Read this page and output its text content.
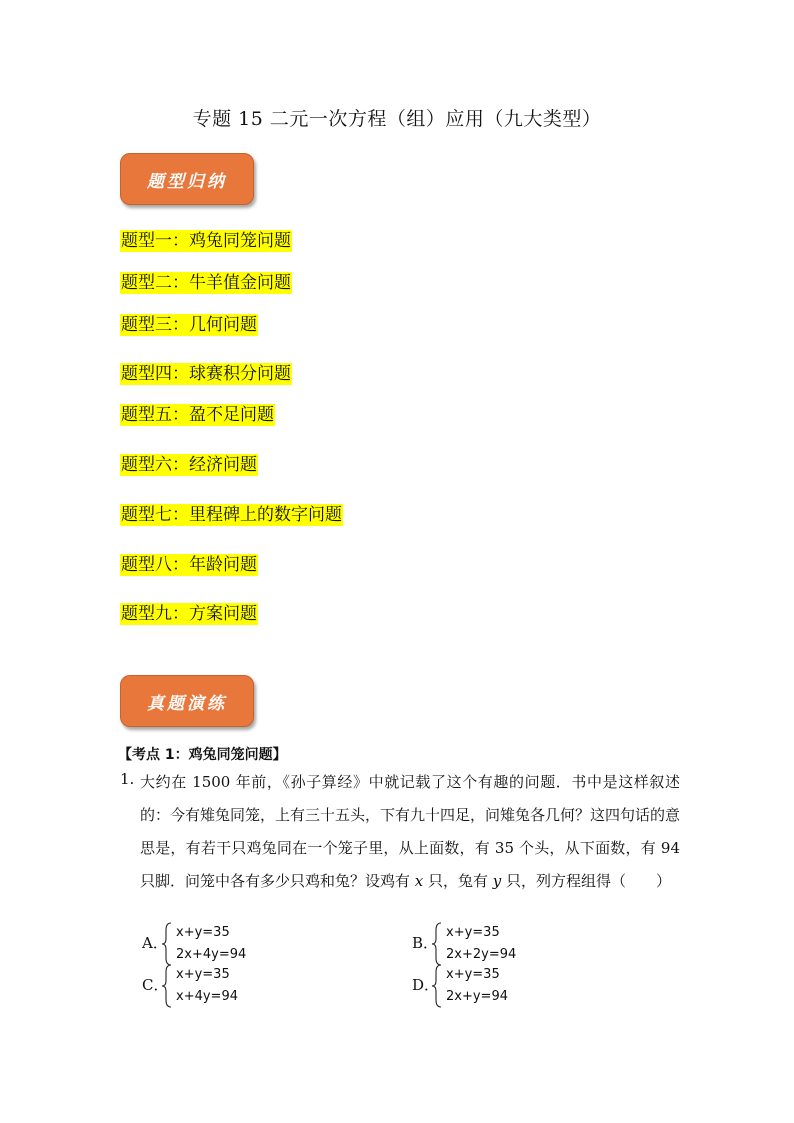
专题 15 二元一次方程（组）应用（九大类型）
题型归纳
题型一：鸡兔同笼问题
题型二：牛羊值金问题
题型三：几何问题
题型四：球赛积分问题
题型五：盈不足问题
题型六：经济问题
题型七：里程碑上的数字问题
题型八：年龄问题
题型九：方案问题
真题演练
【考点 1：鸡兔同笼问题】
1. 大约在 1500 年前，《孙子算经》中就记载了这个有趣的问题．书中是这样叙述的：今有雉兔同笼，上有三十五头，下有九十四足，问雉兔各几何？这四句话的意思是，有若干只鸡兔同在一个笼子里，从上面数，有 35 个头，从下面数，有 94 只脚．问笼中各有多少只鸡和兔？设鸡有 x 只，兔有 y 只，列方程组得（　　）
A．
x+y=35
2x+4y=94
B．
x+y=35
2x+2y=94
C．
x+y=35
x+4y=94
D．
x+y=35
2x+y=94
